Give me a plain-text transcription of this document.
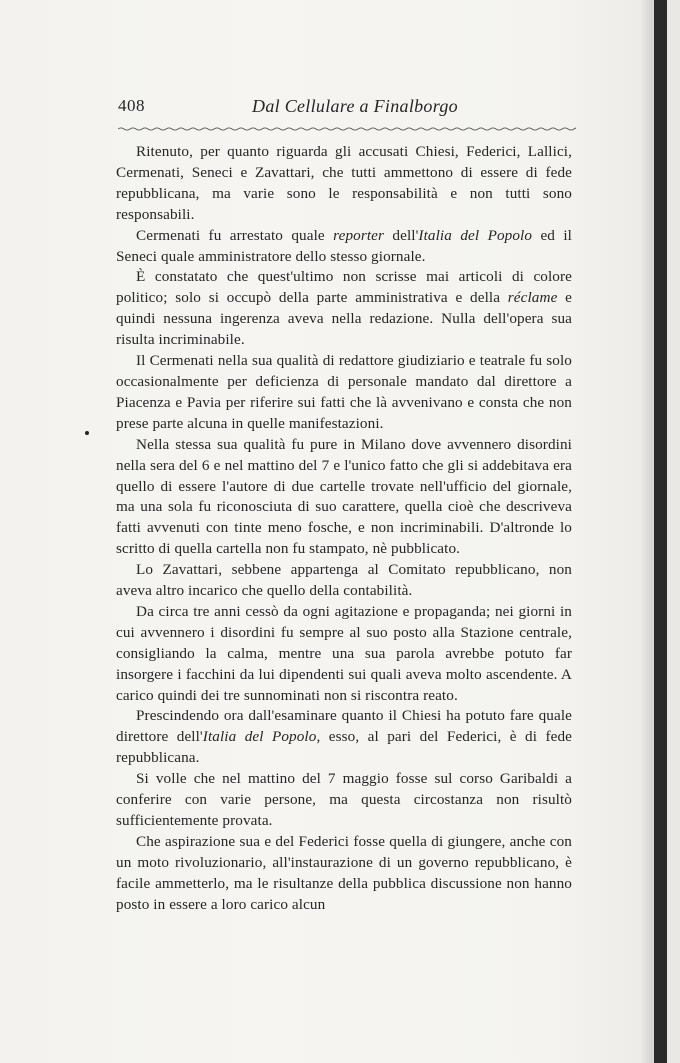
408	Dal Cellulare a Finalborgo

Ritenuto, per quanto riguarda gli accusati Chiesi, Federici, Lallici, Cermenati, Seneci e Zavattari, che tutti ammettono di essere di fede repubblicana, ma varie sono le responsabilità e non tutti sono responsabili.

Cermenati fu arrestato quale reporter dell'Italia del Popolo ed il Seneci quale amministratore dello stesso giornale.

È constatato che quest'ultimo non scrisse mai articoli di colore politico; solo si occupò della parte amministrativa e della réclame e quindi nessuna ingerenza aveva nella redazione. Nulla dell'opera sua risulta incriminabile.

Il Cermenati nella sua qualità di redattore giudiziario e teatrale fu solo occasionalmente per deficienza di personale mandato dal direttore a Piacenza e Pavia per riferire sui fatti che là avvenivano e consta che non prese parte alcuna in quelle manifestazioni.

Nella stessa sua qualità fu pure in Milano dove avvennero disordini nella sera del 6 e nel mattino del 7 e l'unico fatto che gli si addebitava era quello di essere l'autore di due cartelle trovate nell'ufficio del giornale, ma una sola fu riconosciuta di suo carattere, quella cioè che descriveva fatti avvenuti con tinte meno fosche, e non incriminabili. D'altronde lo scritto di quella cartella non fu stampato, nè pubblicato.

Lo Zavattari, sebbene appartenga al Comitato repubblicano, non aveva altro incarico che quello della contabilità.

Da circa tre anni cessò da ogni agitazione e propaganda; nei giorni in cui avvennero i disordini fu sempre al suo posto alla Stazione centrale, consigliando la calma, mentre una sua parola avrebbe potuto far insorgere i facchini da lui dipendenti sui quali aveva molto ascendente. A carico quindi dei tre sunnominati non si riscontra reato.

Prescindendo ora dall'esaminare quanto il Chiesi ha potuto fare quale direttore dell'Italia del Popolo, esso, al pari del Federici, è di fede repubblicana.

Si volle che nel mattino del 7 maggio fosse sul corso Garibaldi a conferire con varie persone, ma questa circostanza non risultò sufficientemente provata.

Che aspirazione sua e del Federici fosse quella di giungere, anche con un moto rivoluzionario, all'instaurazione di un governo repubblicano, è facile ammetterlo, ma le risultanze della pubblica discussione non hanno posto in essere a loro carico alcun
